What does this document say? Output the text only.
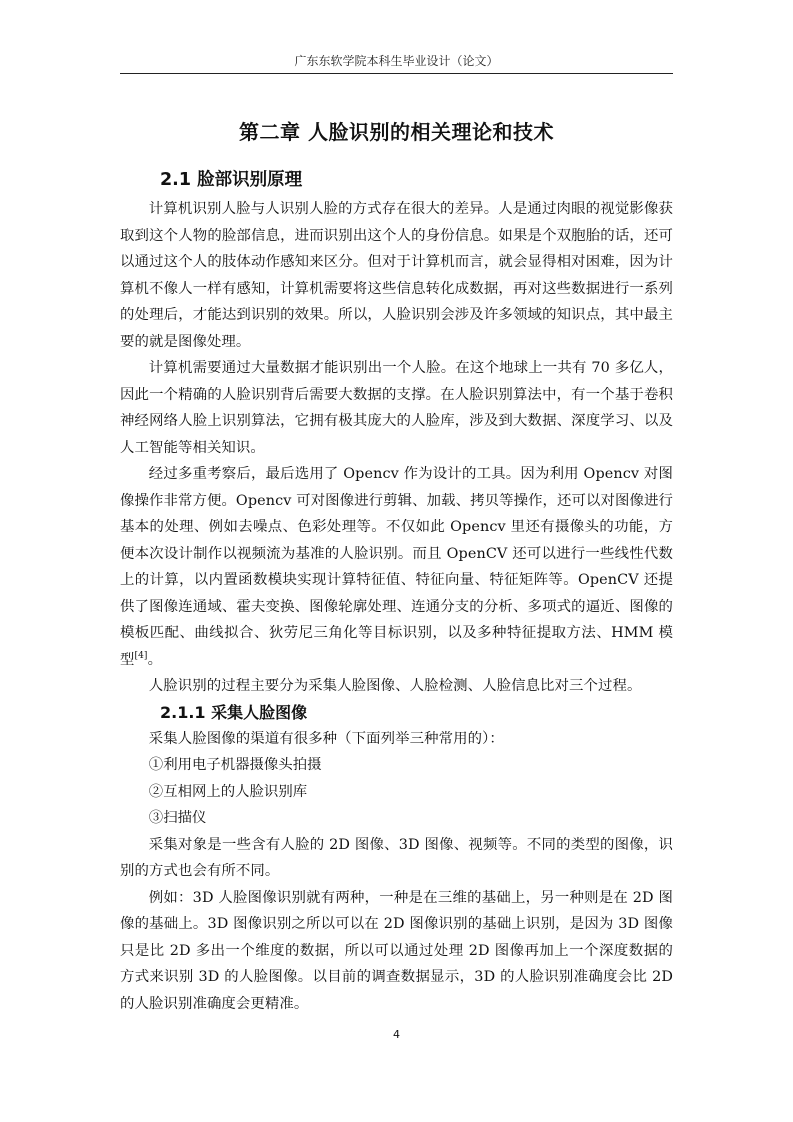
广东东软学院本科生毕业设计（论文）
第二章 人脸识别的相关理论和技术
2.1 脸部识别原理

计算机识别人脸与人识别人脸的方式存在很大的差异。人是通过肉眼的视觉影像获取到这个人物的脸部信息，进而识别出这个人的身份信息。如果是个双胞胎的话，还可以通过这个人的肢体动作感知来区分。但对于计算机而言，就会显得相对困难，因为计算机不像人一样有感知，计算机需要将这些信息转化成数据，再对这些数据进行一系列的处理后，才能达到识别的效果。所以，人脸识别会涉及许多领域的知识点，其中最主要的就是图像处理。

计算机需要通过大量数据才能识别出一个人脸。在这个地球上一共有 70 多亿人，因此一个精确的人脸识别背后需要大数据的支撑。在人脸识别算法中，有一个基于卷积神经网络人脸上识别算法，它拥有极其庞大的人脸库，涉及到大数据、深度学习、以及人工智能等相关知识。

经过多重考察后，最后选用了 Opencv 作为设计的工具。因为利用 Opencv 对图像操作非常方便。Opencv 可对图像进行剪辑、加载、拷贝等操作，还可以对图像进行基本的处理、例如去噪点、色彩处理等。不仅如此 Opencv 里还有摄像头的功能，方便本次设计制作以视频流为基准的人脸识别。而且 OpenCV 还可以进行一些线性代数上的计算，以内置函数模块实现计算特征值、特征向量、特征矩阵等。OpenCV 还提供了图像连通域、霍夫变换、图像轮廓处理、连通分支的分析、多项式的逼近、图像的模板匹配、曲线拟合、狄劳尼三角化等目标识别，以及多种特征提取方法、HMM 模型[4]。

人脸识别的过程主要分为采集人脸图像、人脸检测、人脸信息比对三个过程。

2.1.1 采集人脸图像

采集人脸图像的渠道有很多种（下面列举三种常用的）：

①利用电子机器摄像头拍摄

②互相网上的人脸识别库

③扫描仪

采集对象是一些含有人脸的 2D 图像、3D 图像、视频等。不同的类型的图像，识别的方式也会有所不同。

例如：3D 人脸图像识别就有两种，一种是在三维的基础上，另一种则是在 2D 图像的基础上。3D 图像识别之所以可以在 2D 图像识别的基础上识别，是因为 3D 图像只是比 2D 多出一个维度的数据，所以可以通过处理 2D 图像再加上一个深度数据的方式来识别 3D 的人脸图像。以目前的调查数据显示，3D 的人脸识别准确度会比 2D 的人脸识别准确度会更精准。

4
